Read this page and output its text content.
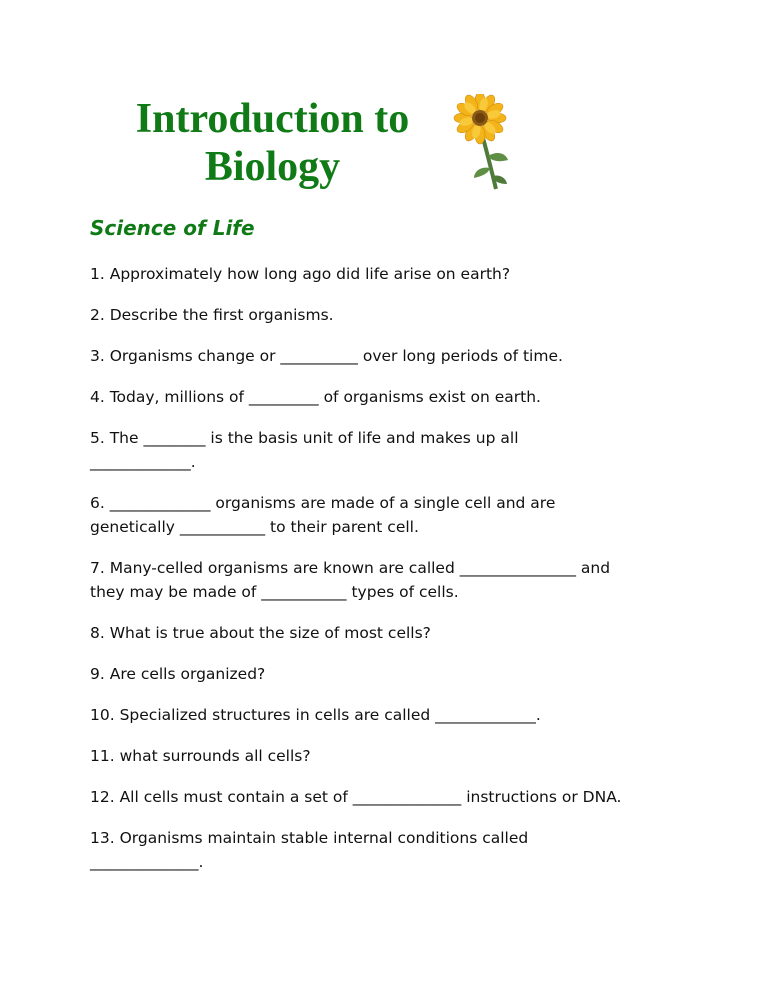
Introduction to
Biology
Science of Life
1. Approximately how long ago did life arise on earth?
2. Describe the first organisms.
3. Organisms change or __________ over long periods of time.
4. Today, millions of _________ of organisms exist on earth.
5. The ________ is the basis unit of life and makes up all
_____________.
6. _____________ organisms are made of a single cell and are
genetically ___________ to their parent cell.
7. Many-celled organisms are known are called _______________ and
they may be made of ___________ types of cells.
8. What is true about the size of most cells?
9. Are cells organized?
10. Specialized structures in cells are called _____________.
11. what surrounds all cells?
12. All cells must contain a set of ______________ instructions or DNA.
13. Organisms maintain stable internal conditions called
______________.
